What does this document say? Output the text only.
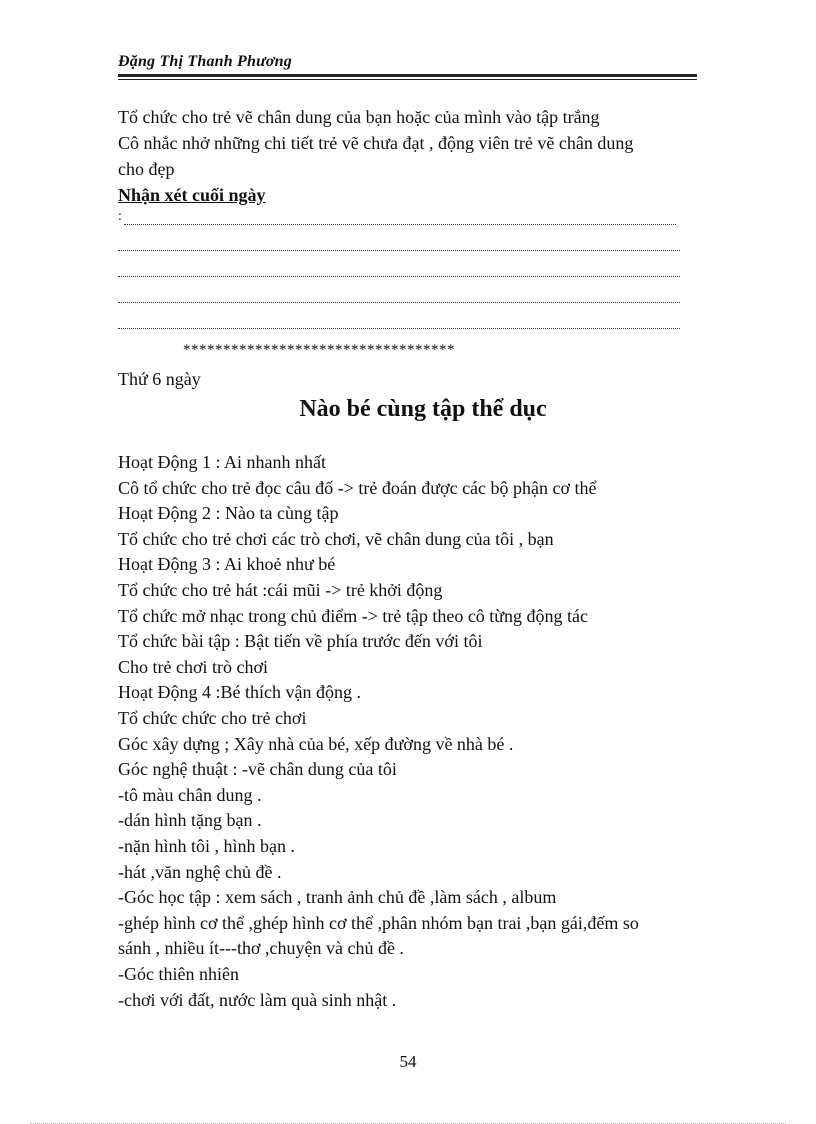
Đặng Thị Thanh Phương
Tổ chức cho trẻ vẽ chân dung của bạn hoặc của mình vào tập trắng
Cô nhắc nhở những chi tiết trẻ vẽ chưa đạt , động viên trẻ vẽ chân dung
cho đẹp
Nhận xét cuối ngày
:
**********************************
Thứ 6 ngày
Nào bé cùng tập thể dục
Hoạt Động 1 : Ai nhanh nhất
Cô tổ chức cho trẻ đọc câu đố -> trẻ đoán được các bộ phận cơ thể
Hoạt Động 2 : Nào ta cùng tập
Tổ chức cho trẻ chơi các trò chơi, vẽ chân dung của tôi , bạn
Hoạt Động 3 : Ai khoẻ như bé
Tổ chức cho trẻ hát :cái mũi -> trẻ khởi động
Tổ chức mở nhạc trong chủ điểm -> trẻ tập theo cô từng động tác
Tổ chức bài tập : Bật tiến về phía trước đến với tôi
Cho trẻ chơi trò chơi
Hoạt Động 4 :Bé thích vận động .
Tổ chức chức cho trẻ chơi
Góc xây dựng ; Xây nhà của bé, xếp đường về nhà bé .
Góc nghệ thuật : -vẽ chân dung của tôi
-tô màu chân dung .
-dán hình tặng bạn .
-nặn hình tôi , hình bạn .
-hát ,văn nghệ chủ đề .
-Góc học tập : xem sách , tranh ảnh chủ đề ,làm sách , album
-ghép hình cơ thể ,ghép hình cơ thể ,phân nhóm bạn trai ,bạn gái,đếm so
sánh , nhiều ít---thơ ,chuyện và chủ đề .
-Góc thiên nhiên
-chơi với đất, nước làm quà sinh nhật .
54
